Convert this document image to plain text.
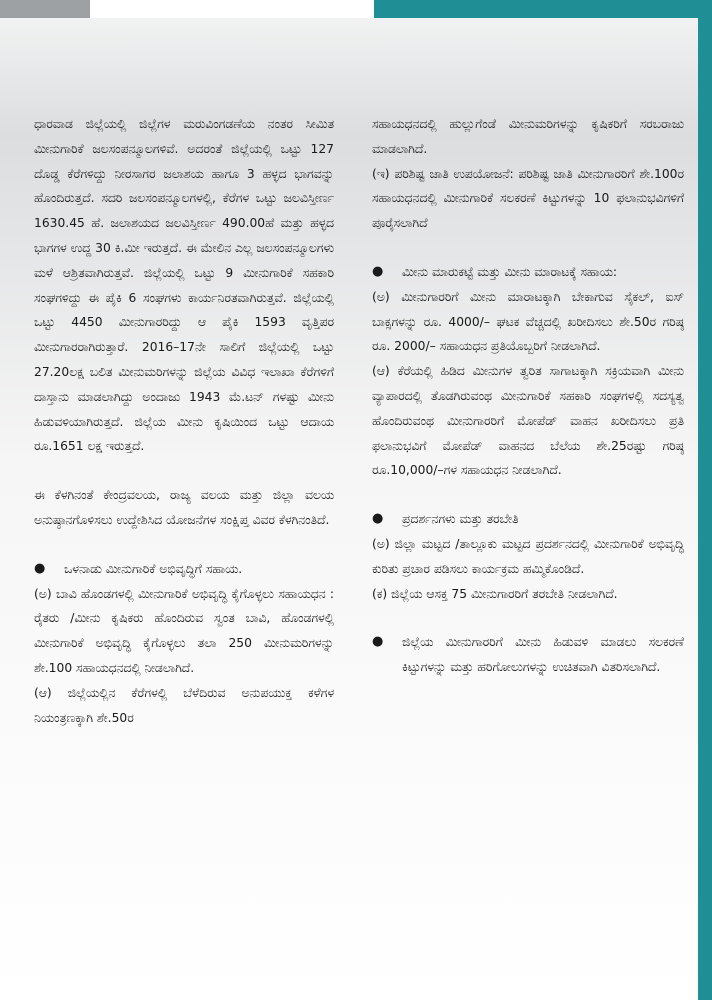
ಧಾರವಾಡ ಜಿಲ್ಲೆಯಲ್ಲಿ ಜಿಲ್ಲೆಗಳ ಮರುವಿಂಗಡಣೆಯ ನಂತರ ಸೀಮಿತ ಮೀನುಗಾರಿಕೆ ಜಲಸಂಪನ್ಮೂಲಗಳಿವೆ. ಅದರಂತೆ ಜಿಲ್ಲೆಯಲ್ಲಿ ಒಟ್ಟು 127 ದೊಡ್ಡ ಕೆರೆಗಳಿದ್ದು ನೀರಸಾಗರ ಜಲಾಶಯ ಹಾಗೂ 3 ಹಳ್ಳದ ಭಾಗವನ್ನು ಹೊಂದಿರುತ್ತದೆ. ಸದರಿ ಜಲಸಂಪನ್ಮೂಲಗಳಲ್ಲಿ, ಕೆರೆಗಳ ಒಟ್ಟು ಜಲವಿಸ್ತೀರ್ಣ 1630.45 ಹೆ. ಜಲಾಶಯದ ಜಲವಿಸ್ತೀರ್ಣ 490.00ಹೆ ಮತ್ತು ಹಳ್ಳದ ಭಾಗಗಳ ಉದ್ದ 30 ಕಿ.ಮೀ ಇರುತ್ತದೆ. ಈ ಮೇಲಿನ ಎಲ್ಲ ಜಲಸಂಪನ್ಮೂಲಗಳು ಮಳೆ ಆಶ್ರಿತವಾಗಿರುತ್ತವೆ. ಜಿಲ್ಲೆಯಲ್ಲಿ ಒಟ್ಟು 9 ಮೀನುಗಾರಿಕೆ ಸಹಕಾರಿ ಸಂಘಗಳಿದ್ದು ಈ ಪೈಕಿ 6 ಸಂಘಗಳು ಕಾರ್ಯನಿರತವಾಗಿರುತ್ತವೆ. ಜಿಲ್ಲೆಯಲ್ಲಿ ಒಟ್ಟು 4450 ಮೀನುಗಾರರಿದ್ದು ಆ ಪೈಕಿ 1593 ವೃತ್ತಿಪರ ಮೀನುಗಾರರಾಗಿರುತ್ತಾರೆ. 2016–17ನೇ ಸಾಲಿಗೆ ಜಿಲ್ಲೆಯಲ್ಲಿ ಒಟ್ಟು 27.20ಲಕ್ಷ ಬಲಿತ ಮೀನುಮರಿಗಳನ್ನು ಜಿಲ್ಲೆಯ ವಿವಿಧ ಇಲಾಖಾ ಕೆರೆಗಳಿಗೆ ದಾಸ್ತಾನು ಮಾಡಲಾಗಿದ್ದು ಅಂದಾಜು 1943 ಮೆ.ಟನ್ ಗಳಷ್ಟು ಮೀನು ಹಿಡುವಳಿಯಾಗಿರುತ್ತದೆ. ಜಿಲ್ಲೆಯ ಮೀನು ಕೃಷಿಯಿಂದ ಒಟ್ಟು ಆದಾಯ ರೂ.1651 ಲಕ್ಷ ಇರುತ್ತದೆ.

ಈ ಕೆಳಗಿನಂತೆ ಕೇಂದ್ರವಲಯ, ರಾಜ್ಯ ವಲಯ ಮತ್ತು ಜಿಲ್ಲಾ ವಲಯ ಅನುಷ್ಠಾನಗೊಳಿಸಲು ಉದ್ದೇಶಿಸಿದ ಯೋಜನೆಗಳ ಸಂಕ್ಷಿಪ್ತ ವಿವರ ಕೆಳಗಿನಂತಿದೆ.

●	ಒಳನಾಡು ಮೀನುಗಾರಿಕೆ ಅಭಿವೃದ್ಧಿಗೆ ಸಹಾಯ.

(ಅ) ಬಾವಿ ಹೊಂಡಗಳಲ್ಲಿ ಮೀನುಗಾರಿಕೆ ಅಭಿವೃದ್ಧಿ ಕೈಗೊಳ್ಳಲು ಸಹಾಯಧನ : ರೈತರು /ಮೀನು ಕೃಷಿಕರು ಹೊಂದಿರುವ ಸ್ವಂತ ಬಾವಿ, ಹೊಂಡಗಳಲ್ಲಿ ಮೀನುಗಾರಿಕೆ ಅಭಿವೃದ್ಧಿ ಕೈಗೊಳ್ಳಲು ತಲಾ 250 ಮೀನುಮರಿಗಳನ್ನು ಶೇ.100 ಸಹಾಯಧನದಲ್ಲಿ ನೀಡಲಾಗಿದೆ.

(ಆ) ಜಿಲ್ಲೆಯಲ್ಲಿನ ಕೆರೆಗಳಲ್ಲಿ ಬೆಳೆದಿರುವ ಅನುಪಯುಕ್ತ ಕಳೆಗಳ ನಿಯಂತ್ರಣಕ್ಕಾಗಿ ಶೇ.50ರ

ಸಹಾಯಧನದಲ್ಲಿ ಹುಲ್ಲುಗೆಂಡೆ ಮೀನುಮರಿಗಳನ್ನು ಕೃಷಿಕರಿಗೆ ಸರಬರಾಜು ಮಾಡಲಾಗಿದೆ.

(ಇ) ಪರಿಶಿಷ್ಟ ಜಾತಿ ಉಪಯೋಜನೆ: ಪರಿಶಿಷ್ಟ ಜಾತಿ ಮೀನುಗಾರರಿಗೆ ಶೇ.100ರ ಸಹಾಯಧನದಲ್ಲಿ ಮೀನುಗಾರಿಕೆ ಸಲಕರಣೆ ಕಿಟ್ಟುಗಳನ್ನು 10 ಫಲಾನುಭವಿಗಳಿಗೆ ಪೂರೈಸಲಾಗಿದೆ

●	ಮೀನು ಮಾರುಕಟ್ಟೆ ಮತ್ತು ಮೀನು ಮಾರಾಟಕ್ಕೆ ಸಹಾಯ:

(ಅ) ಮೀನುಗಾರರಿಗೆ ಮೀನು ಮಾರಾಟಕ್ಕಾಗಿ ಬೇಕಾಗುವ ಸೈಕಲ್, ಐಸ್ ಬಾಕ್ಸಗಳನ್ನು ರೂ. 4000/– ಘಟಕ ವೆಚ್ಚದಲ್ಲಿ ಖರೀದಿಸಲು ಶೇ.50ರ ಗರಿಷ್ಠ ರೂ. 2000/– ಸಹಾಯಧನ ಪ್ರತಿಯೊಬ್ಬರಿಗೆ ನೀಡಲಾಗಿದೆ.

(ಆ) ಕೆರೆಯಲ್ಲಿ ಹಿಡಿದ ಮೀನುಗಳ ತ್ವರಿತ ಸಾಗಾಟಕ್ಕಾಗಿ ಸಕ್ರಿಯವಾಗಿ ಮೀನು ವ್ಯಾಪಾರದಲ್ಲಿ ತೊಡಗಿರುವಂಥ ಮೀನುಗಾರಿಕೆ ಸಹಕಾರಿ ಸಂಘಗಳಲ್ಲಿ ಸದಸ್ಯತ್ವ ಹೊಂದಿರುವಂಥ ಮೀನುಗಾರರಿಗೆ ಮೋಪೆಡ್ ವಾಹನ ಖರೀದಿಸಲು ಪ್ರತಿ ಫಲಾನುಭವಿಗೆ ಮೋಪೆಡ್ ವಾಹನದ ಬೆಲೆಯ ಶೇ.25ರಷ್ಟು ಗರಿಷ್ಠ ರೂ.10,000/–ಗಳ ಸಹಾಯಧನ ನೀಡಲಾಗಿದೆ.

●	ಪ್ರದರ್ಶನಗಳು ಮತ್ತು ತರಬೇತಿ

(ಅ) ಜಿಲ್ಲಾ ಮಟ್ಟದ /ತಾಲ್ಲೂಕು ಮಟ್ಟದ ಪ್ರದರ್ಶನದಲ್ಲಿ ಮೀನುಗಾರಿಕೆ ಅಭಿವೃದ್ಧಿ ಕುರಿತು ಪ್ರಚಾರ ಪಡಿಸಲು ಕಾರ್ಯಕ್ರಮ ಹಮ್ಮಿಕೊಂಡಿದೆ.

(ಕ) ಜಿಲ್ಲೆಯ ಆಸಕ್ತ 75 ಮೀನುಗಾರರಿಗೆ ತರಬೇತಿ ನೀಡಲಾಗಿದೆ.

●	ಜಿಲ್ಲೆಯ ಮೀನುಗಾರರಿಗೆ ಮೀನು ಹಿಡುವಳಿ ಮಾಡಲು ಸಲಕರಣೆ ಕಿಟ್ಟುಗಳನ್ನು ಮತ್ತು ಹರಿಗೋಲುಗಳನ್ನು ಉಚಿತವಾಗಿ ವಿತರಿಸಲಾಗಿದೆ.
